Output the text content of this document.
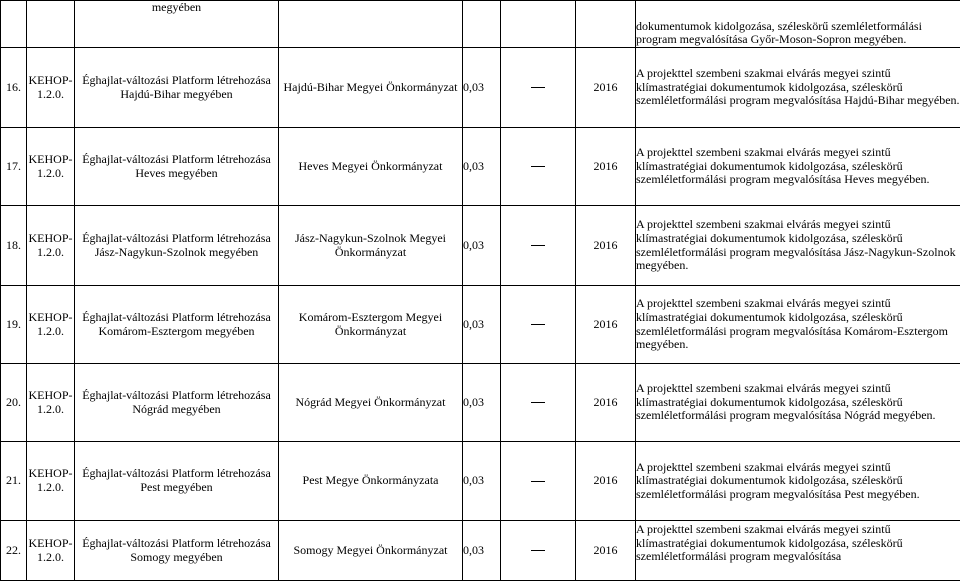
		megyében					dokumentumok kidolgozása, széleskörű szemléletformálási program megvalósítása Győr-Moson-Sopron megyében.
16.	KEHOP-1.2.0.	Éghajlat-változási Platform létrehozása Hajdú-Bihar megyében	Hajdú-Bihar Megyei Önkormányzat	0,03		2016	A projekttel szembeni szakmai elvárás megyei szintű klímastratégiai dokumentumok kidolgozása, széleskörű szemléletformálási program megvalósítása Hajdú-Bihar megyében.
17.	KEHOP-1.2.0.	Éghajlat-változási Platform létrehozása Heves megyében	Heves Megyei Önkormányzat	0,03		2016	A projekttel szembeni szakmai elvárás megyei szintű klímastratégiai dokumentumok kidolgozása, széleskörű szemléletformálási program megvalósítása Heves megyében.
18.	KEHOP-1.2.0.	Éghajlat-változási Platform létrehozása Jász-Nagykun-Szolnok megyében	Jász-Nagykun-Szolnok Megyei Önkormányzat	0,03		2016	A projekttel szembeni szakmai elvárás megyei szintű klímastratégiai dokumentumok kidolgozása, széleskörű szemléletformálási program megvalósítása Jász-Nagykun-Szolnok megyében.
19.	KEHOP-1.2.0.	Éghajlat-változási Platform létrehozása Komárom-Esztergom megyében	Komárom-Esztergom Megyei Önkormányzat	0,03		2016	A projekttel szembeni szakmai elvárás megyei szintű klímastratégiai dokumentumok kidolgozása, széleskörű szemléletformálási program megvalósítása Komárom-Esztergom megyében.
20.	KEHOP-1.2.0.	Éghajlat-változási Platform létrehozása Nógrád megyében	Nógrád Megyei Önkormányzat	0,03		2016	A projekttel szembeni szakmai elvárás megyei szintű klímastratégiai dokumentumok kidolgozása, széleskörű szemléletformálási program megvalósítása Nógrád megyében.
21.	KEHOP-1.2.0.	Éghajlat-változási Platform létrehozása Pest megyében	Pest Megye Önkormányzata	0,03		2016	A projekttel szembeni szakmai elvárás megyei szintű klímastratégiai dokumentumok kidolgozása, széleskörű szemléletformálási program megvalósítása Pest megyében.
22.	KEHOP-1.2.0.	Éghajlat-változási Platform létrehozása Somogy megyében	Somogy Megyei Önkormányzat	0,03		2016	A projekttel szembeni szakmai elvárás megyei szintű klímastratégiai dokumentumok kidolgozása, széleskörű szemléletformálási program megvalósítása
